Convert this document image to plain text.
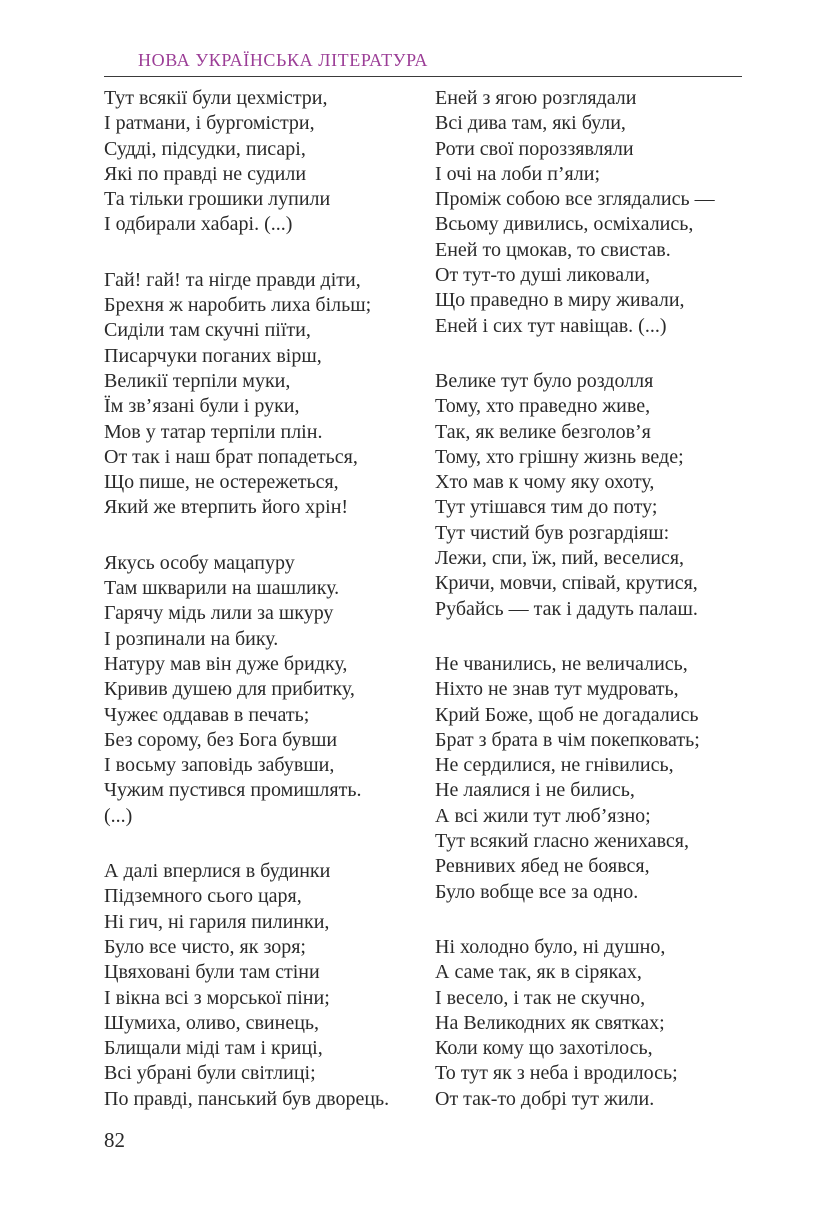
НОВА УКРАЇНСЬКА ЛІТЕРАТУРА
Тут всякії були цехмістри,
І ратмани, і бургомістри,
Судді, підсудки, писарі,
Які по правді не судили
Та тільки грошики лупили
І одбирали хабарі. (...)
Гай! гай! та нігде правди діти,
Брехня ж наробить лиха більш;
Сиділи там скучні піїти,
Писарчуки поганих вірш,
Великії терпіли муки,
Їм зв’язані були і руки,
Мов у татар терпіли плін.
От так і наш брат попадеться,
Що пише, не остережеться,
Який же втерпить його хрін!
Якусь особу мацапуру
Там шкварили на шашлику.
Гарячу мідь лили за шкуру
І розпинали на бику.
Натуру мав він дуже бридку,
Кривив душею для прибитку,
Чужеє оддавав в печать;
Без сорому, без Бога бувши
І восьму заповідь забувши,
Чужим пустився промишлять.
(...)
А далі вперлися в будинки
Підземного сього царя,
Ні гич, ні гариля пилинки,
Було все чисто, як зоря;
Цвяховані були там стіни
І вікна всі з морської піни;
Шумиха, оливо, свинець,
Блищали міді там і криці,
Всі убрані були світлиці;
По правді, панський був дворець.
Еней з ягою розглядали
Всі дива там, які були,
Роти свої пороззявляли
І очі на лоби п’яли;
Проміж собою все зглядались —
Всьому дивились, осміхались,
Еней то цмокав, то свистав.
От тут-то душі ликовали,
Що праведно в миру живали,
Еней і сих тут навіщав. (...)
Велике тут було роздолля
Тому, хто праведно живе,
Так, як велике безголов’я
Тому, хто грішну жизнь веде;
Хто мав к чому яку охоту,
Тут утішався тим до поту;
Тут чистий був розгардіяш:
Лежи, спи, їж, пий, веселися,
Кричи, мовчи, співай, крутися,
Рубайсь — так і дадуть палаш.
Не чванились, не величались,
Ніхто не знав тут мудровать,
Крий Боже, щоб не догадались
Брат з брата в чім покепковать;
Не сердилися, не гнівились,
Не лаялися і не бились,
А всі жили тут люб’язно;
Тут всякий гласно женихався,
Ревнивих ябед не боявся,
Було вобще все за одно.
Ні холодно було, ні душно,
А саме так, як в сіряках,
І весело, і так не скучно,
На Великодних як святках;
Коли кому що захотілось,
То тут як з неба і вродилось;
От так-то добрі тут жили.
82
